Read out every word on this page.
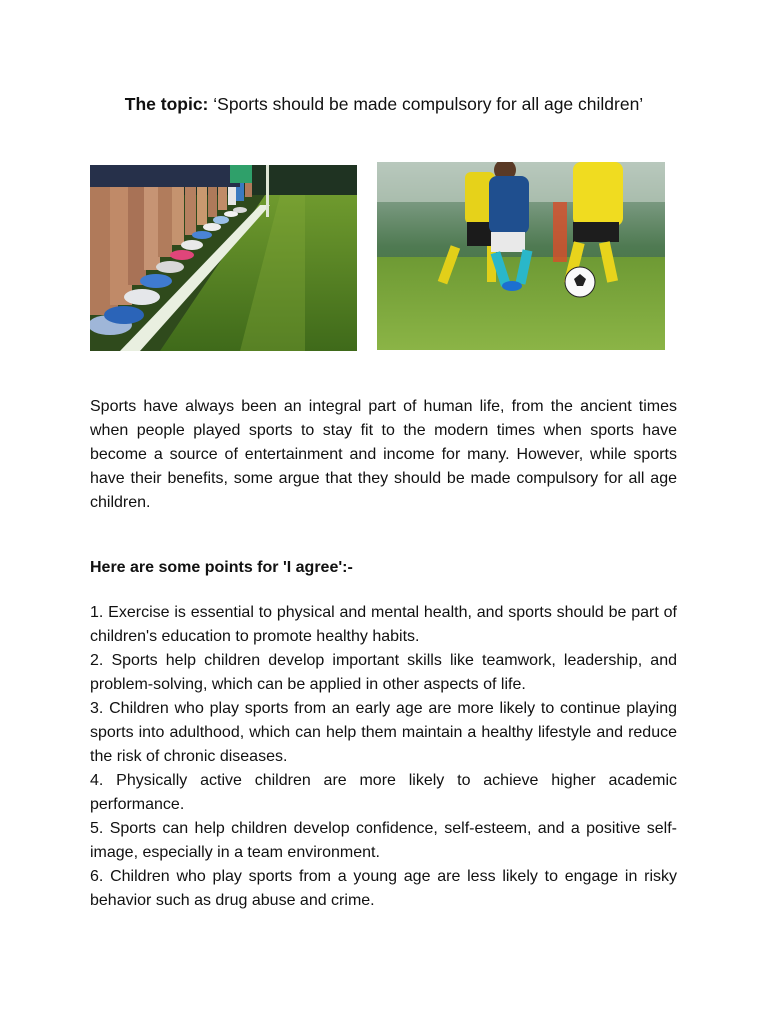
The topic: ‘Sports should be made compulsory for all age children’

Sports have always been an integral part of human life, from the ancient times when people played sports to stay fit to the modern times when sports have become a source of entertainment and income for many. However, while sports have their benefits, some argue that they should be made compulsory for all age children.

Here are some points for 'I agree':-
1. Exercise is essential to physical and mental health, and sports should be part of children's education to promote healthy habits.
2. Sports help children develop important skills like teamwork, leadership, and problem-solving, which can be applied in other aspects of life.
3. Children who play sports from an early age are more likely to continue playing sports into adulthood, which can help them maintain a healthy lifestyle and reduce the risk of chronic diseases.
4. Physically active children are more likely to achieve higher academic performance.
5. Sports can help children develop confidence, self-esteem, and a positive self-image, especially in a team environment.
6. Children who play sports from a young age are less likely to engage in risky behavior such as drug abuse and crime.
